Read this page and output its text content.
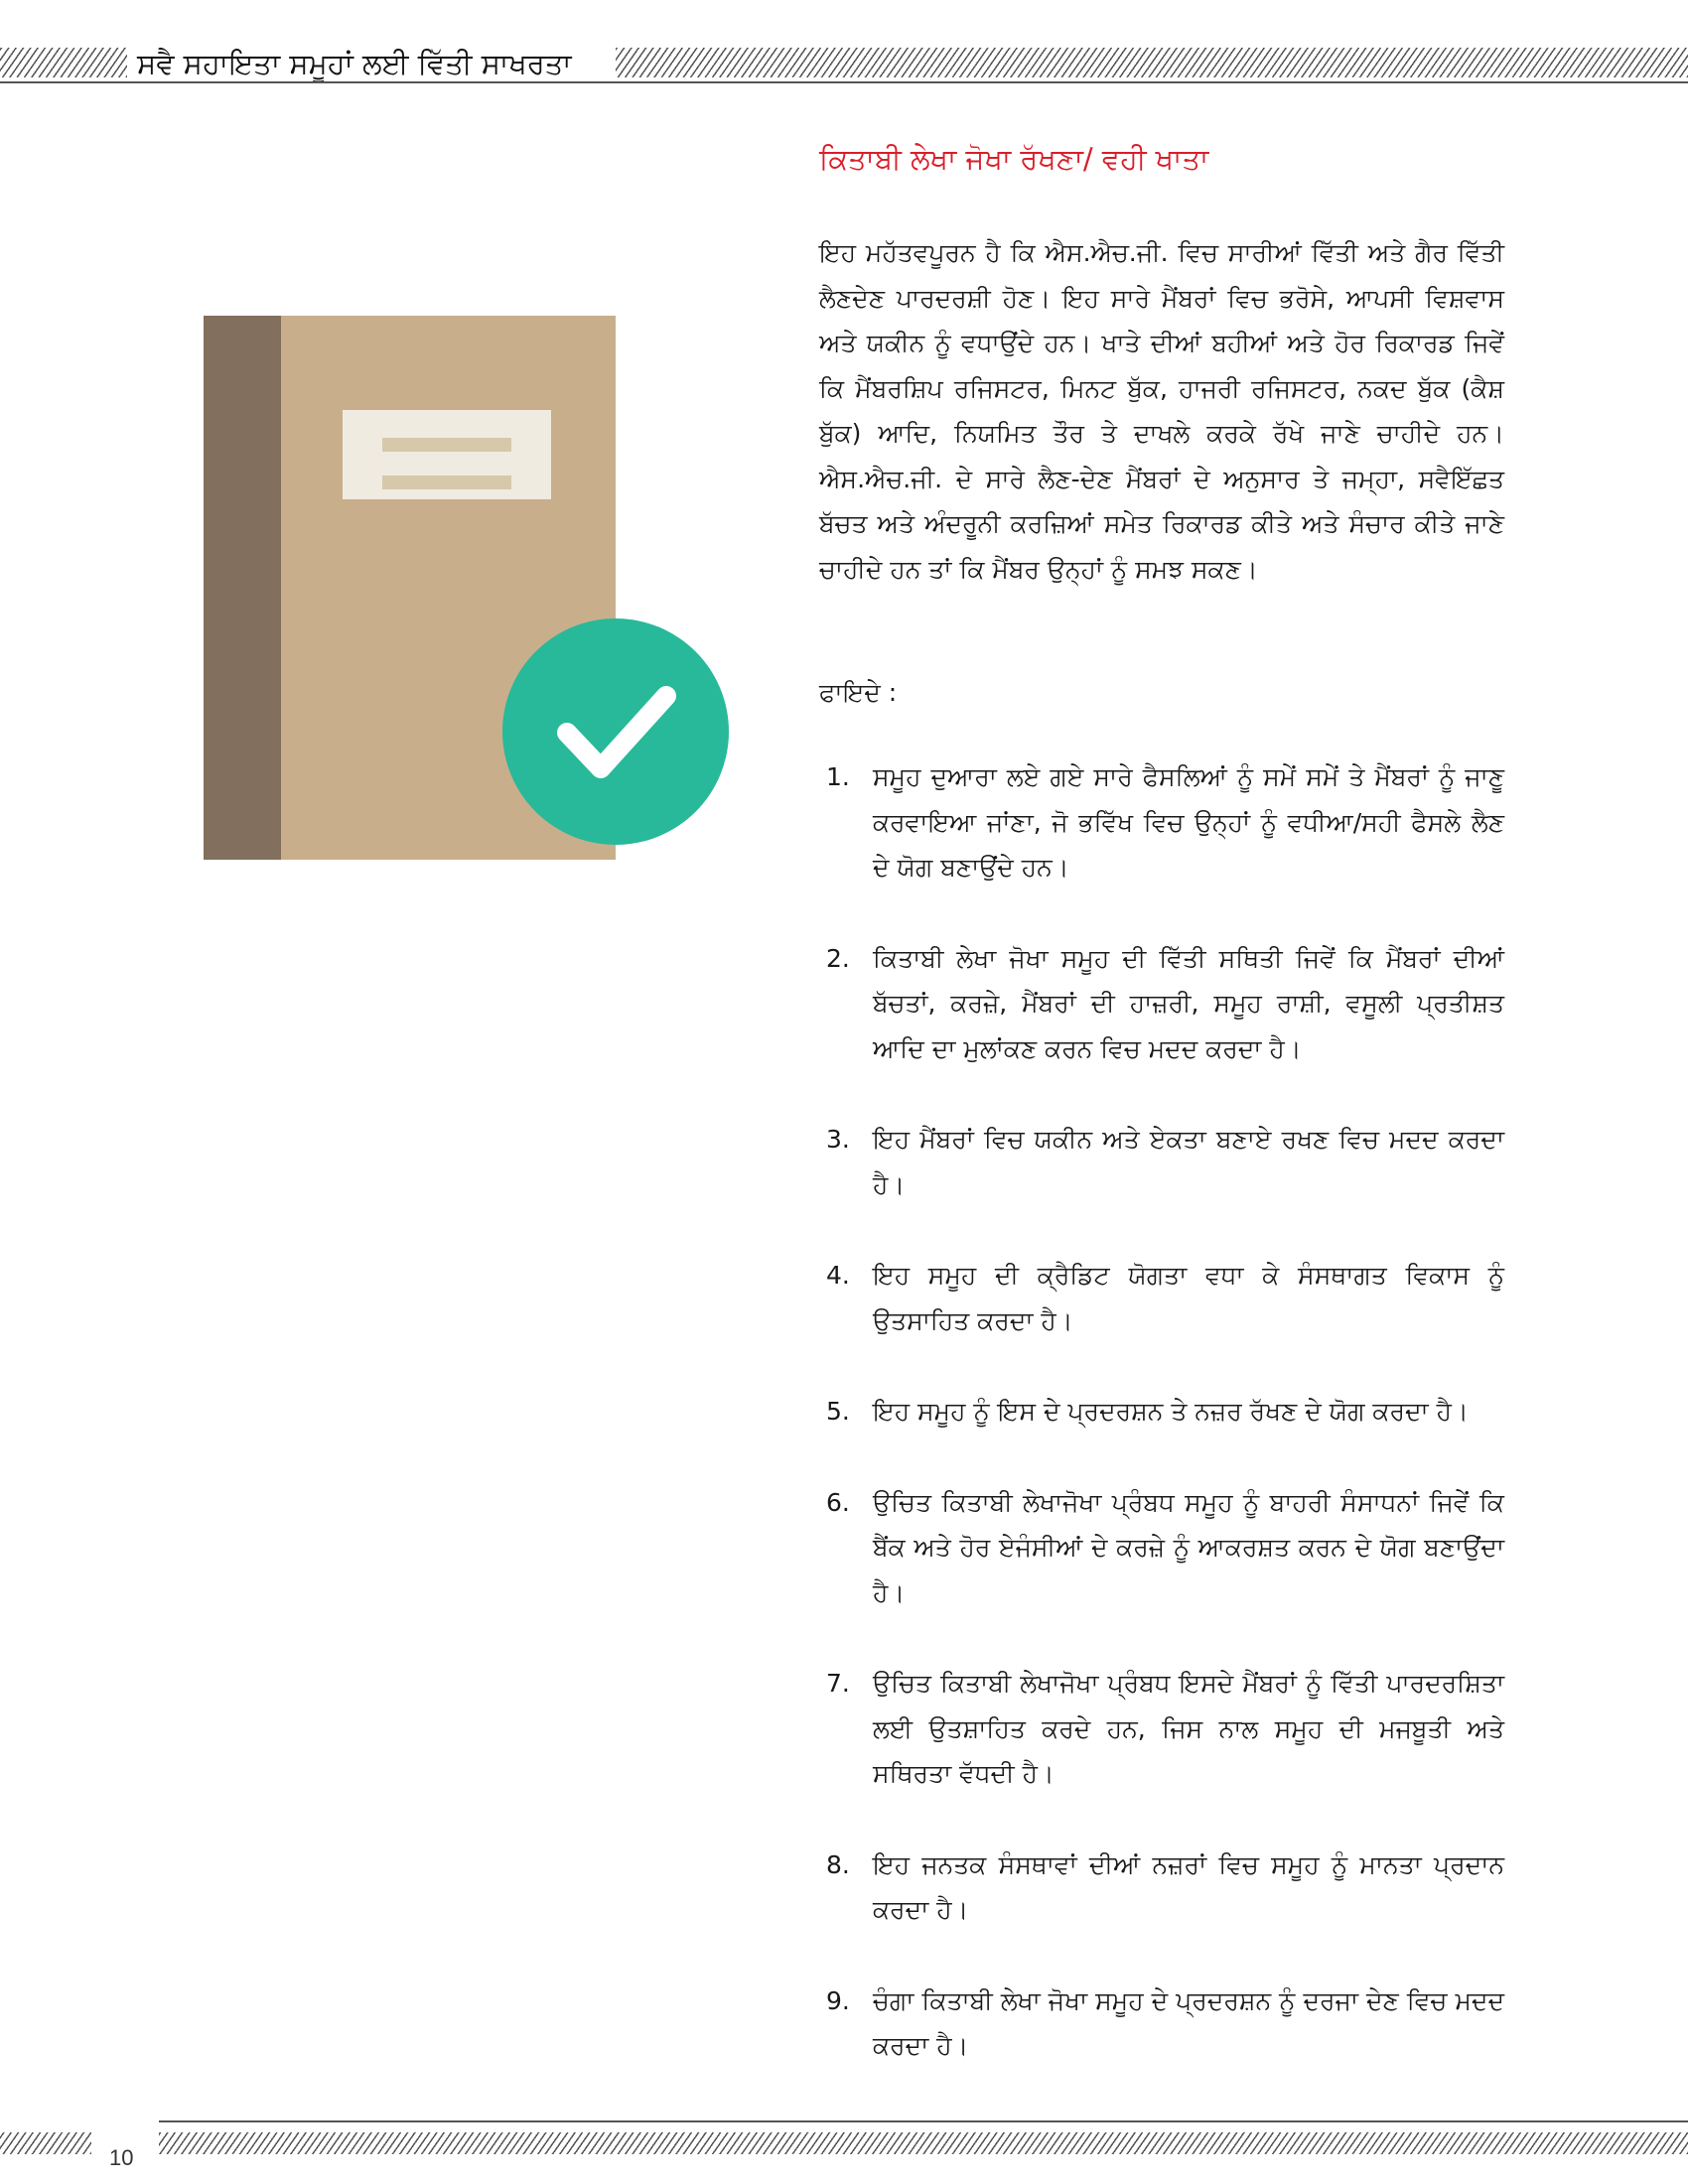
ਸਵੈ ਸਹਾਇਤਾ ਸਮੂਹਾਂ ਲਈ ਵਿੱਤੀ ਸਾਖਰਤਾ
ਕਿਤਾਬੀ ਲੇਖਾ ਜੋਖਾ ਰੱਖਣਾ/ ਵਹੀ ਖਾਤਾ

ਇਹ ਮਹੱਤਵਪੂਰਨ ਹੈ ਕਿ ਐਸ.ਐਚ.ਜੀ. ਵਿਚ ਸਾਰੀਆਂ ਵਿੱਤੀ ਅਤੇ ਗੈਰ ਵਿੱਤੀ ਲੈਣਦੇਣ ਪਾਰਦਰਸ਼ੀ ਹੋਣ। ਇਹ ਸਾਰੇ ਮੈਂਬਰਾਂ ਵਿਚ ਭਰੋਸੇ, ਆਪਸੀ ਵਿਸ਼ਵਾਸ ਅਤੇ ਯਕੀਨ ਨੂੰ ਵਧਾਉਂਦੇ ਹਨ। ਖਾਤੇ ਦੀਆਂ ਬਹੀਆਂ ਅਤੇ ਹੋਰ ਰਿਕਾਰਡ ਜਿਵੇਂ ਕਿ ਮੈਂਬਰਸ਼ਿਪ ਰਜਿਸਟਰ, ਮਿਨਟ ਬੁੱਕ, ਹਾਜਰੀ ਰਜਿਸਟਰ, ਨਕਦ ਬੁੱਕ (ਕੈਸ਼ ਬੁੱਕ) ਆਦਿ, ਨਿਯਮਿਤ ਤੌਰ ਤੇ ਦਾਖਲੇ ਕਰਕੇ ਰੱਖੇ ਜਾਣੇ ਚਾਹੀਦੇ ਹਨ। ਐਸ.ਐਚ.ਜੀ. ਦੇ ਸਾਰੇ ਲੈਣ-ਦੇਣ ਮੈਂਬਰਾਂ ਦੇ ਅਨੁਸਾਰ ਤੇ ਜਮ੍ਹਾ, ਸਵੈਇੱਛਤ ਬੱਚਤ ਅਤੇ ਅੰਦਰੂਨੀ ਕਰਜ਼ਿਆਂ ਸਮੇਤ ਰਿਕਾਰਡ ਕੀਤੇ ਅਤੇ ਸੰਚਾਰ ਕੀਤੇ ਜਾਣੇ ਚਾਹੀਦੇ ਹਨ ਤਾਂ ਕਿ ਮੈਂਬਰ ਉਨ੍ਹਾਂ ਨੂੰ ਸਮਝ ਸਕਣ।

ਫਾਇਦੇ :

1. ਸਮੂਹ ਦੁਆਰਾ ਲਏ ਗਏ ਸਾਰੇ ਫੈਸਲਿਆਂ ਨੂੰ ਸਮੇਂ ਸਮੇਂ ਤੇ ਮੈਂਬਰਾਂ ਨੂੰ ਜਾਣੂ ਕਰਵਾਇਆ ਜਾਂਣਾ, ਜੋ ਭਵਿੱਖ ਵਿਚ ਉਨ੍ਹਾਂ ਨੂੰ ਵਧੀਆ/ਸਹੀ ਫੈਸਲੇ ਲੈਣ ਦੇ ਯੋਗ ਬਣਾਉਂਦੇ ਹਨ।
2. ਕਿਤਾਬੀ ਲੇਖਾ ਜੋਖਾ ਸਮੂਹ ਦੀ ਵਿੱਤੀ ਸਥਿਤੀ ਜਿਵੇਂ ਕਿ ਮੈਂਬਰਾਂ ਦੀਆਂ ਬੱਚਤਾਂ, ਕਰਜ਼ੇ, ਮੈਂਬਰਾਂ ਦੀ ਹਾਜ਼ਰੀ, ਸਮੂਹ ਰਾਸ਼ੀ, ਵਸੂਲੀ ਪ੍ਰਤੀਸ਼ਤ ਆਦਿ ਦਾ ਮੁਲਾਂਕਣ ਕਰਨ ਵਿਚ ਮਦਦ ਕਰਦਾ ਹੈ।
3. ਇਹ ਮੈਂਬਰਾਂ ਵਿਚ ਯਕੀਨ ਅਤੇ ਏਕਤਾ ਬਣਾਏ ਰਖਣ ਵਿਚ ਮਦਦ ਕਰਦਾ ਹੈ।
4. ਇਹ ਸਮੂਹ ਦੀ ਕ੍ਰੈਡਿਟ ਯੋਗਤਾ ਵਧਾ ਕੇ ਸੰਸਥਾਗਤ ਵਿਕਾਸ ਨੂੰ ਉਤਸਾਹਿਤ ਕਰਦਾ ਹੈ।
5. ਇਹ ਸਮੂਹ ਨੂੰ ਇਸ ਦੇ ਪ੍ਰਦਰਸ਼ਨ ਤੇ ਨਜ਼ਰ ਰੱਖਣ ਦੇ ਯੋਗ ਕਰਦਾ ਹੈ।
6. ਉਚਿਤ ਕਿਤਾਬੀ ਲੇਖਾਜੋਖਾ ਪ੍ਰੰਬਧ ਸਮੂਹ ਨੂੰ ਬਾਹਰੀ ਸੰਸਾਧਨਾਂ ਜਿਵੇਂ ਕਿ ਬੈਂਕ ਅਤੇ ਹੋਰ ਏਜੰਸੀਆਂ ਦੇ ਕਰਜ਼ੇ ਨੂੰ ਆਕਰਸ਼ਤ ਕਰਨ ਦੇ ਯੋਗ ਬਣਾਉਂਦਾ ਹੈ।
7. ਉਚਿਤ ਕਿਤਾਬੀ ਲੇਖਾਜੋਖਾ ਪ੍ਰੰਬਧ ਇਸਦੇ ਮੈਂਬਰਾਂ ਨੂੰ ਵਿੱਤੀ ਪਾਰਦਰਸ਼ਿਤਾ ਲਈ ਉਤਸ਼ਾਹਿਤ ਕਰਦੇ ਹਨ, ਜਿਸ ਨਾਲ ਸਮੂਹ ਦੀ ਮਜਬੂਤੀ ਅਤੇ ਸਥਿਰਤਾ ਵੱਧਦੀ ਹੈ।
8. ਇਹ ਜਨਤਕ ਸੰਸਥਾਵਾਂ ਦੀਆਂ ਨਜ਼ਰਾਂ ਵਿਚ ਸਮੂਹ ਨੂੰ ਮਾਨਤਾ ਪ੍ਰਦਾਨ ਕਰਦਾ ਹੈ।
9. ਚੰਗਾ ਕਿਤਾਬੀ ਲੇਖਾ ਜੋਖਾ ਸਮੂਹ ਦੇ ਪ੍ਰਦਰਸ਼ਨ ਨੂੰ ਦਰਜਾ ਦੇਣ ਵਿਚ ਮਦਦ ਕਰਦਾ ਹੈ।
10
